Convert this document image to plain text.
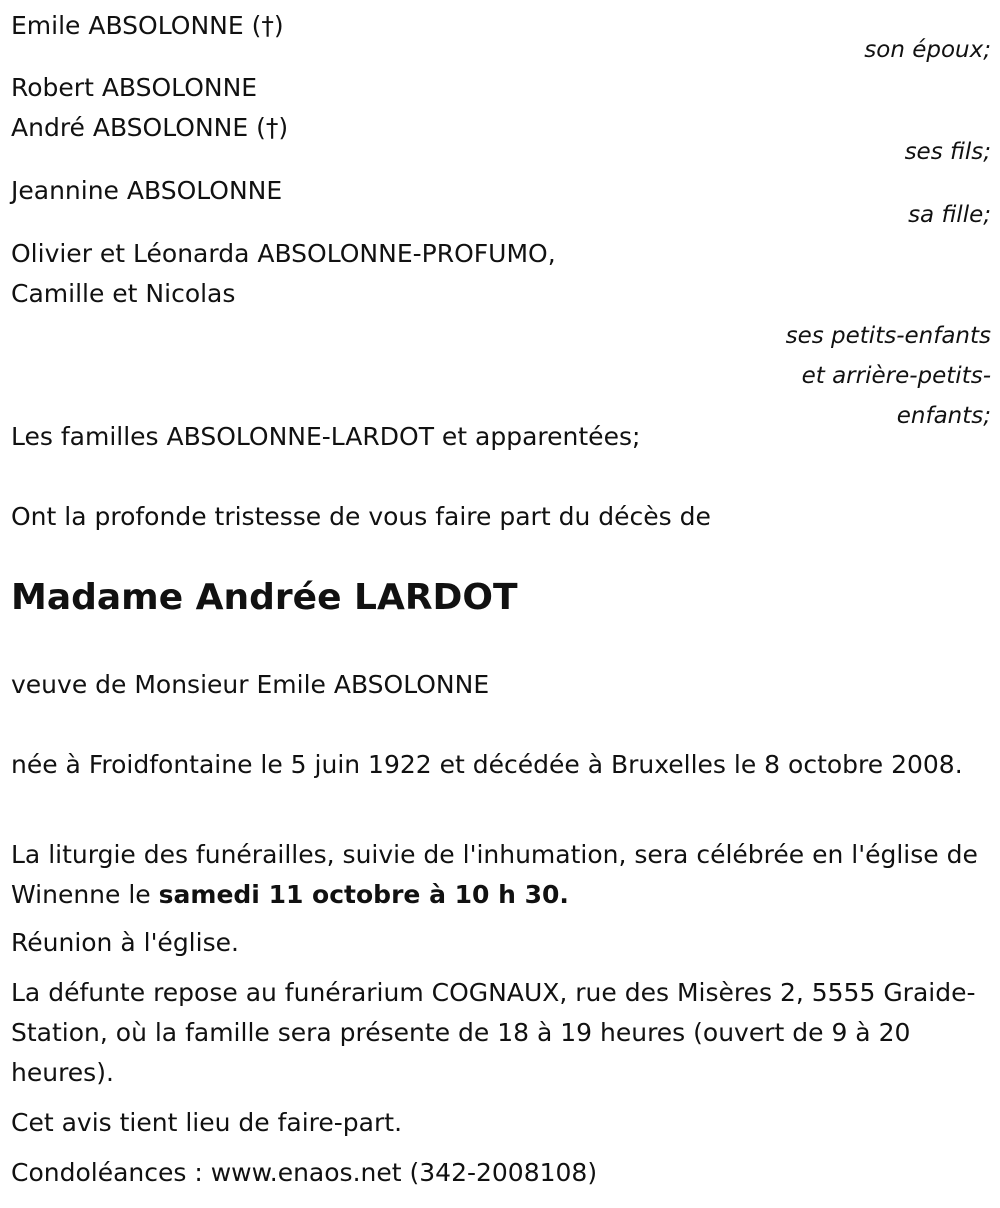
Emile ABSOLONNE (†)
son époux;
Robert ABSOLONNE
André ABSOLONNE (†)
ses fils;
Jeannine ABSOLONNE
sa fille;
Olivier et Léonarda ABSOLONNE-PROFUMO,
Camille et Nicolas
ses petits-enfants
et arrière-petits-
enfants;
Les familles ABSOLONNE-LARDOT et apparentées;
Ont la profonde tristesse de vous faire part du décès de
Madame Andrée LARDOT
veuve de Monsieur Emile ABSOLONNE
née à Froidfontaine le 5 juin 1922 et décédée à Bruxelles le 8 octobre 2008.
La liturgie des funérailles, suivie de l'inhumation, sera célébrée en l'église de Winenne le samedi 11 octobre à 10 h 30.
Réunion à l'église.
La défunte repose au funérarium COGNAUX, rue des Misères 2, 5555 Graide-Station, où la famille sera présente de 18 à 19 heures (ouvert de 9 à 20 heures).
Cet avis tient lieu de faire-part.
Condoléances : www.enaos.net (342-2008108)
